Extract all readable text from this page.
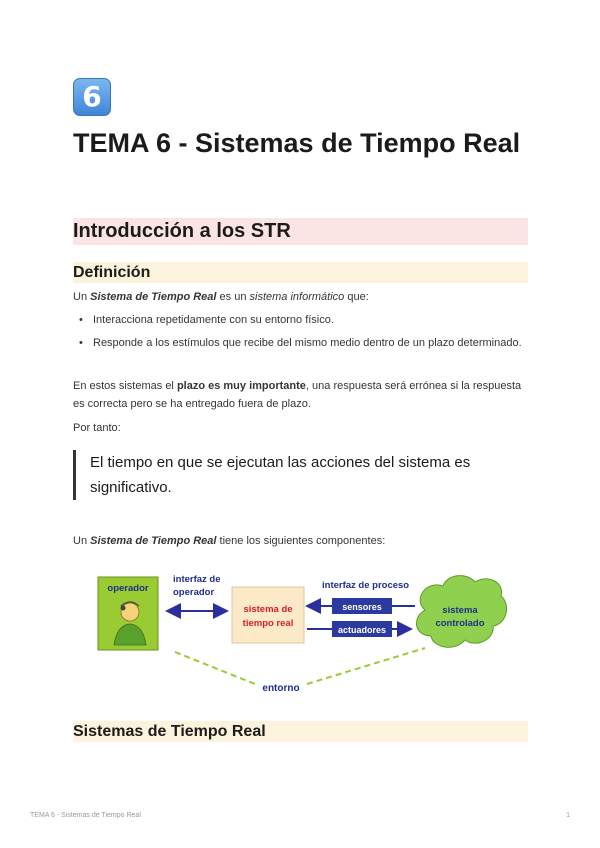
6
TEMA 6 - Sistemas de Tiempo Real
Introducción a los STR
Definición

Un Sistema de Tiempo Real es un sistema informático que:

• Interacciona repetidamente con su entorno físico.
• Responde a los estímulos que recibe del mismo medio dentro de un plazo determinado.

En estos sistemas el plazo es muy importante, una respuesta será errónea si la respuesta es correcta pero se ha entregado fuera de plazo.

Por tanto:

El tiempo en que se ejecutan las acciones del sistema es significativo.

Un Sistema de Tiempo Real tiene los siguientes componentes:

operador
interfaz de
operador
sistema de
tiempo real
interfaz de proceso
sensores
actuadores
sistema
controlado
entorno
Sistemas de Tiempo Real
TEMA 6 - Sistemas de Tiempo Real	1
